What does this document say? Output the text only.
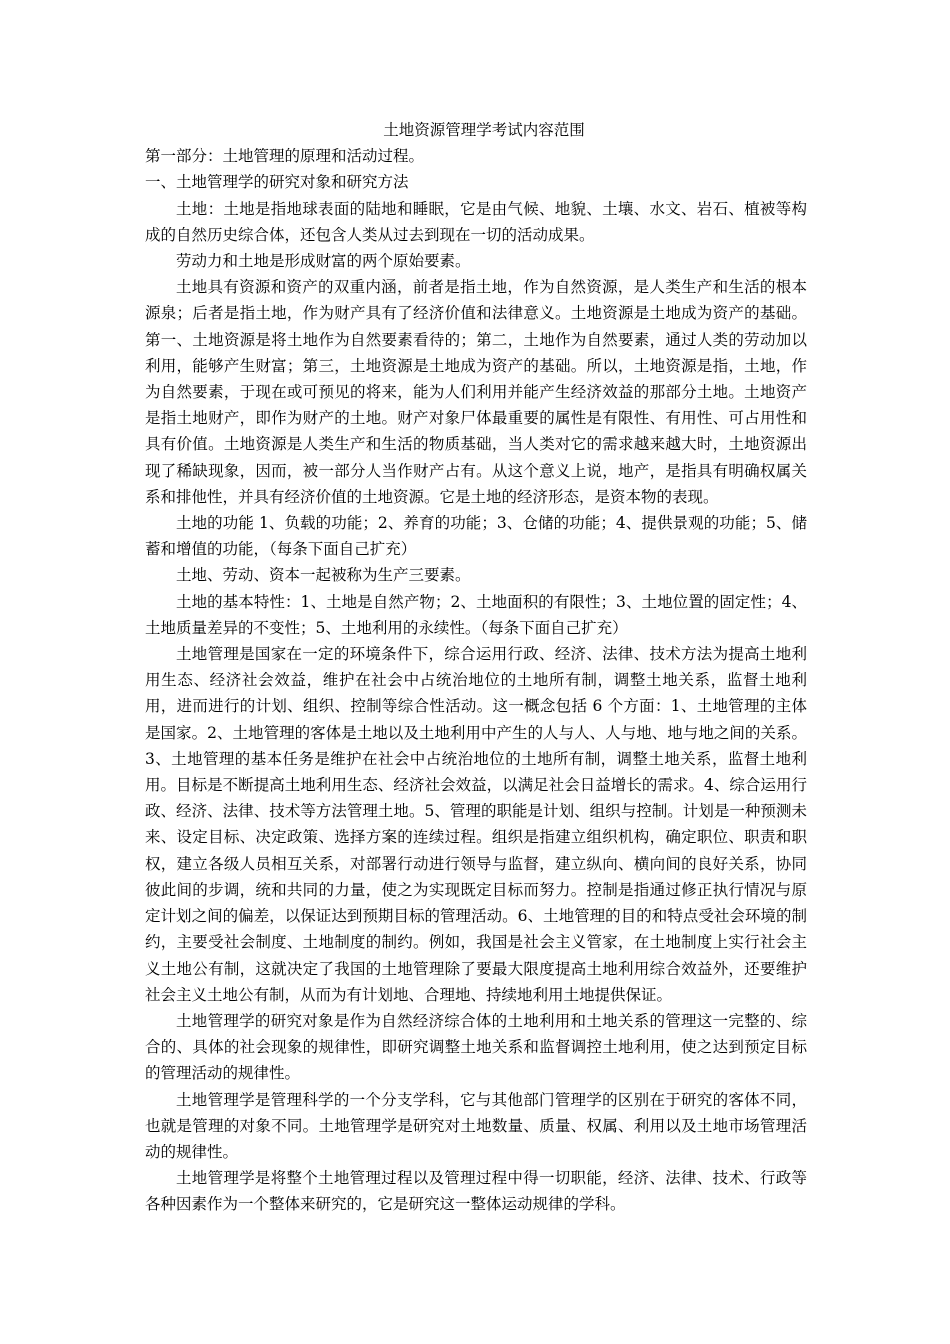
土地资源管理学考试内容范围
第一部分：土地管理的原理和活动过程。
一、土地管理学的研究对象和研究方法

土地：土地是指地球表面的陆地和睡眠，它是由气候、地貌、土壤、水文、岩石、植被等构成的自然历史综合体，还包含人类从过去到现在一切的活动成果。

劳动力和土地是形成财富的两个原始要素。

土地具有资源和资产的双重内涵，前者是指土地，作为自然资源，是人类生产和生活的根本源泉；后者是指土地，作为财产具有了经济价值和法律意义。土地资源是土地成为资产的基础。第一、土地资源是将土地作为自然要素看待的；第二，土地作为自然要素，通过人类的劳动加以利用，能够产生财富；第三，土地资源是土地成为资产的基础。所以，土地资源是指，土地，作为自然要素，于现在或可预见的将来，能为人们利用并能产生经济效益的那部分土地。土地资产是指土地财产，即作为财产的土地。财产对象尸体最重要的属性是有限性、有用性、可占用性和具有价值。土地资源是人类生产和生活的物质基础，当人类对它的需求越来越大时，土地资源出现了稀缺现象，因而，被一部分人当作财产占有。从这个意义上说，地产，是指具有明确权属关系和排他性，并具有经济价值的土地资源。它是土地的经济形态，是资本物的表现。

土地的功能 1、负载的功能；2、养育的功能；3、仓储的功能；4、提供景观的功能；5、储蓄和增值的功能，（每条下面自己扩充）

土地、劳动、资本一起被称为生产三要素。

土地的基本特性：1、土地是自然产物；2、土地面积的有限性；3、土地位置的固定性；4、土地质量差异的不变性；5、土地利用的永续性。（每条下面自己扩充）

土地管理是国家在一定的环境条件下，综合运用行政、经济、法律、技术方法为提高土地利用生态、经济社会效益，维护在社会中占统治地位的土地所有制，调整土地关系，监督土地利用，进而进行的计划、组织、控制等综合性活动。这一概念包括 6 个方面：1、土地管理的主体是国家。2、土地管理的客体是土地以及土地利用中产生的人与人、人与地、地与地之间的关系。3、土地管理的基本任务是维护在社会中占统治地位的土地所有制，调整土地关系，监督土地利用。目标是不断提高土地利用生态、经济社会效益，以满足社会日益增长的需求。4、综合运用行政、经济、法律、技术等方法管理土地。5、管理的职能是计划、组织与控制。计划是一种预测未来、设定目标、决定政策、选择方案的连续过程。组织是指建立组织机构，确定职位、职责和职权，建立各级人员相互关系，对部署行动进行领导与监督，建立纵向、横向间的良好关系，协同彼此间的步调，统和共同的力量，使之为实现既定目标而努力。控制是指通过修正执行情况与原定计划之间的偏差，以保证达到预期目标的管理活动。6、土地管理的目的和特点受社会环境的制约，主要受社会制度、土地制度的制约。例如，我国是社会主义管家，在土地制度上实行社会主义土地公有制，这就决定了我国的土地管理除了要最大限度提高土地利用综合效益外，还要维护社会主义土地公有制，从而为有计划地、合理地、持续地利用土地提供保证。

土地管理学的研究对象是作为自然经济综合体的土地利用和土地关系的管理这一完整的、综合的、具体的社会现象的规律性，即研究调整土地关系和监督调控土地利用，使之达到预定目标的管理活动的规律性。

土地管理学是管理科学的一个分支学科，它与其他部门管理学的区别在于研究的客体不同，也就是管理的对象不同。土地管理学是研究对土地数量、质量、权属、利用以及土地市场管理活动的规律性。

土地管理学是将整个土地管理过程以及管理过程中得一切职能，经济、法律、技术、行政等各种因素作为一个整体来研究的，它是研究这一整体运动规律的学科。
